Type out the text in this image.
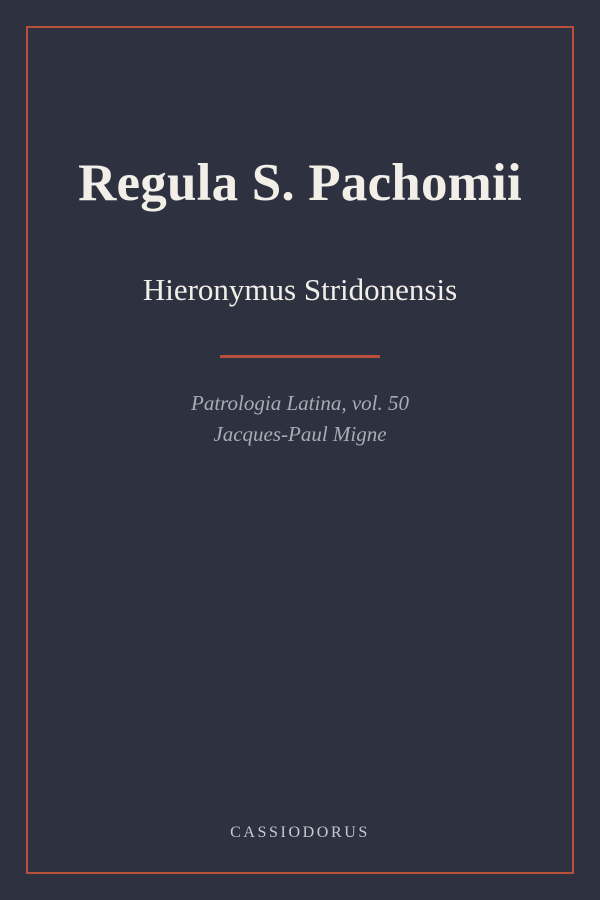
Regula S. Pachomii
Hieronymus Stridonensis
Patrologia Latina, vol. 50
Jacques-Paul Migne
CASSIODORUS
